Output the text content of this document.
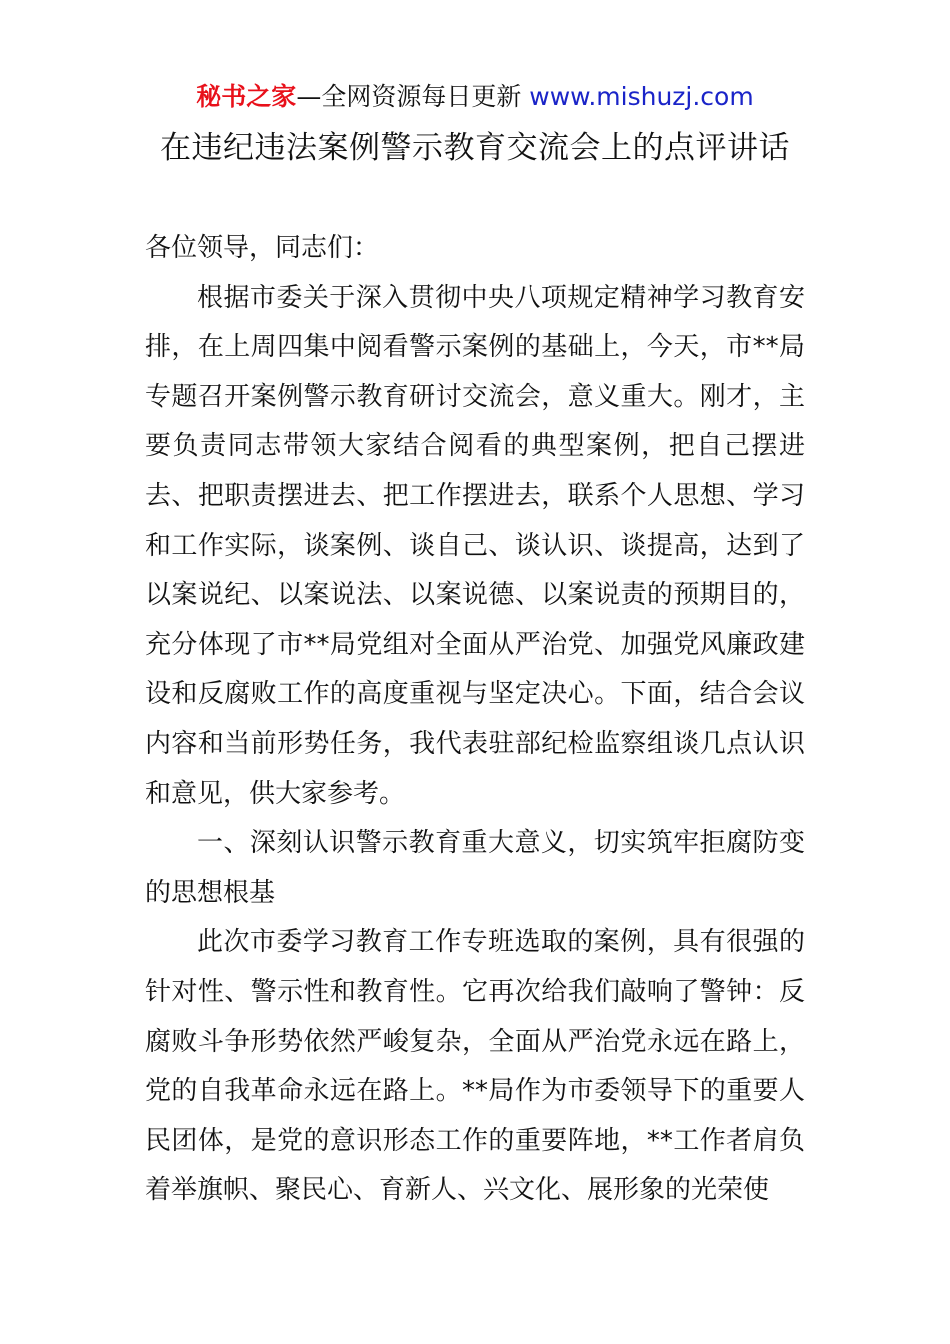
秘书之家—全网资源每日更新 www.mishuzj.com
在违纪违法案例警示教育交流会上的点评讲话

各位领导，同志们：

根据市委关于深入贯彻中央八项规定精神学习教育安排，在上周四集中阅看警示案例的基础上，今天，市**局专题召开案例警示教育研讨交流会，意义重大。刚才，主要负责同志带领大家结合阅看的典型案例，把自己摆进去、把职责摆进去、把工作摆进去，联系个人思想、学习和工作实际，谈案例、谈自己、谈认识、谈提高，达到了以案说纪、以案说法、以案说德、以案说责的预期目的，充分体现了市**局党组对全面从严治党、加强党风廉政建设和反腐败工作的高度重视与坚定决心。下面，结合会议内容和当前形势任务，我代表驻部纪检监察组谈几点认识和意见，供大家参考。

一、深刻认识警示教育重大意义，切实筑牢拒腐防变的思想根基

此次市委学习教育工作专班选取的案例，具有很强的针对性、警示性和教育性。它再次给我们敲响了警钟：反腐败斗争形势依然严峻复杂，全面从严治党永远在路上，党的自我革命永远在路上。**局作为市委领导下的重要人民团体，是党的意识形态工作的重要阵地，**工作者肩负着举旗帜、聚民心、育新人、兴文化、展形象的光荣使
